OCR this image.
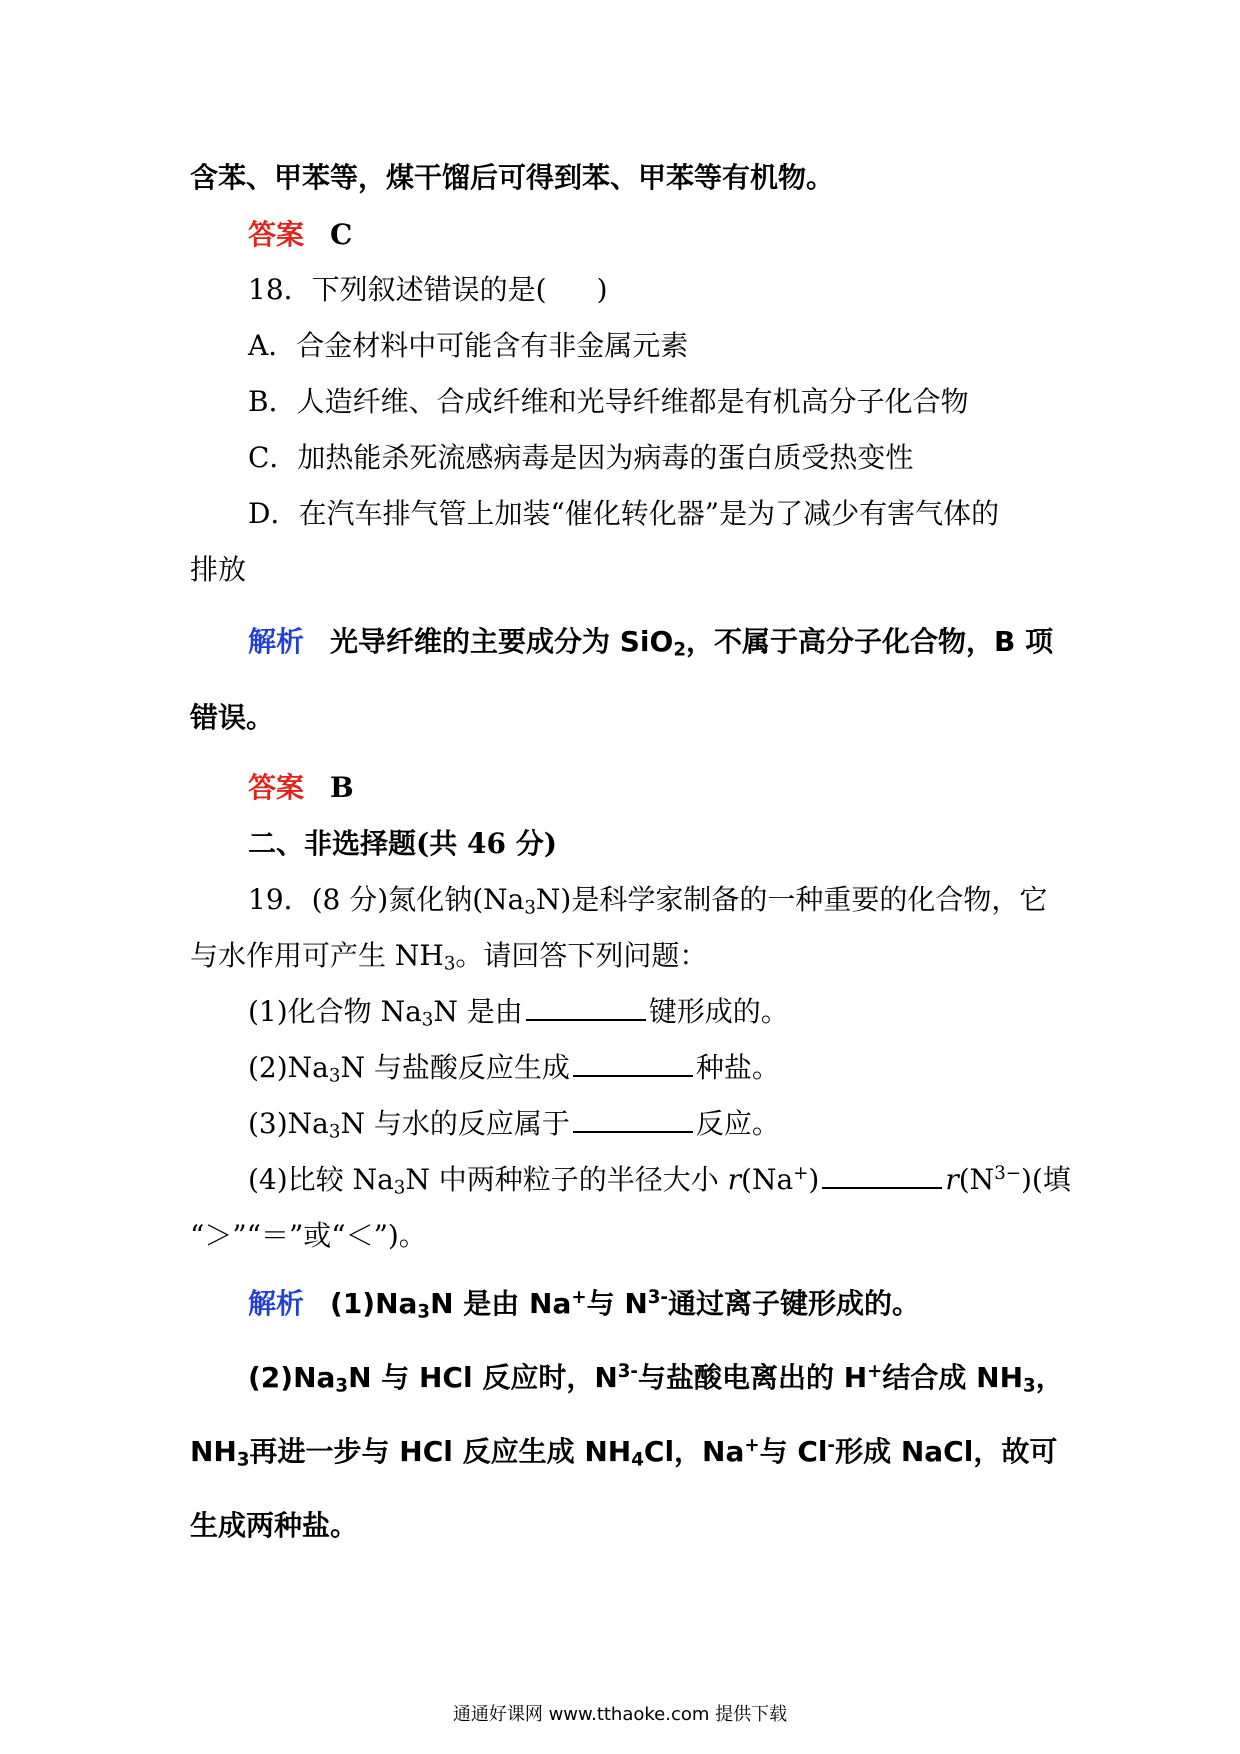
含苯、甲苯等，煤干馏后可得到苯、甲苯等有机物。
答案 C
18．下列叙述错误的是( )
A．合金材料中可能含有非金属元素
B．人造纤维、合成纤维和光导纤维都是有机高分子化合物
C．加热能杀死流感病毒是因为病毒的蛋白质受热变性
D．在汽车排气管上加装“催化转化器”是为了减少有害气体的
排放
解析 光导纤维的主要成分为 SiO$_2$，不属于高分子化合物，B 项
错误。
答案 B
二、非选择题(共 46 分)
19．(8 分)氮化钠$(Na_3N)$是科学家制备的一种重要的化合物，它
与水作用可产生 $NH_3$。请回答下列问题：
(1)化合物 $Na_3N$ 是由	键形成的。
$(2)Na_3N$ 与盐酸反应生成	种盐。
$(3)Na_3N$ 与水的反应属于	反应。
(4)比较 $Na_3N$ 中两种粒子的半径大小 r(Na+)	$r(N^{3-})$(填
“＞”“＝”或“＜”)。
解析 $(1)Na_3N$ 是由 Na+与 $N^{3-}$通过离子键形成的。
$(2)Na_3N$ 与 HCl 反应时，$N^{3-}$与盐酸电离出的 H+结合成 $NH_3$，
$NH_3$再进一步与 HCl 反应生成 $NH_4Cl$，Na+与 Cl-形成 NaCl，故可
生成两种盐。
通通好课网 www.tthaoke.com 提供下载
